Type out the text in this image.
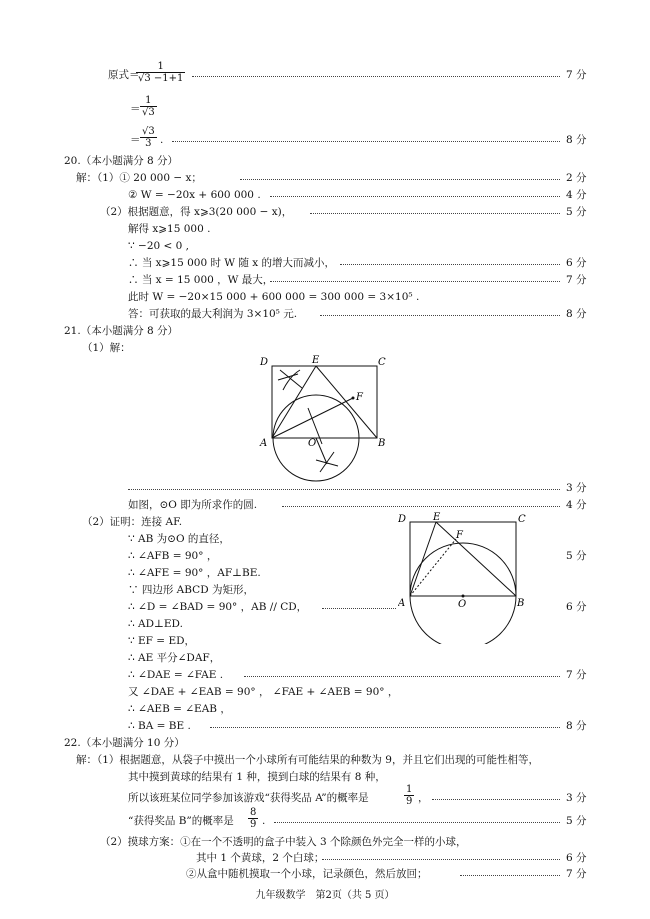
原式＝
$\frac{1}{√3 -1+1}$	7 分
＝ $\frac{1}{√3}$
＝ $\frac{√3}{3}$ .	8 分
20.（本小题满分 8 分）
解：（1）① 20 000 − x；	2 分
② W = −20x + 600 000 .	4 分
（2）根据题意，得 x⩾3(20 000 − x)，	5 分
解得 x⩾15 000 .
∵ −20 < 0 ,
∴ 当 x⩾15 000 时 W 随 x 的增大而减小，	6 分
∴ 当 x = 15 000 ，W 最大，	7 分
此时 W = −20×15 000 + 600 000 = 300 000 = 3×10⁵ .
答：可获取的最大利润为 3×10⁵ 元.	8 分
21.（本小题满分 8 分）
（1）解：
D	E	C
F
A	O	B
3 分
如图，⊙O 即为所求作的圆.	4 分
（2）证明：连接 AF.
∵ AB 为⊙O 的直径，
∴ ∠AFB = 90° ，	5 分
∴ ∠AFE = 90° ，AF⊥BE.
∵ 四边形 ABCD 为矩形，
∴ ∠D = ∠BAD = 90° ，AB // CD，	6 分
∴ AD⊥ED.
∵ EF = ED，
∴ AE 平分∠DAF，
∴ ∠DAE = ∠FAE .	7 分
又 ∠DAE + ∠EAB = 90° ， ∠FAE + ∠AEB = 90° ，
∴ ∠AEB = ∠EAB ，
∴ BA = BE .	8 分
D	E	C
F
A	O	B
22.（本小题满分 10 分）
解：（1）根据题意，从袋子中摸出一个小球所有可能结果的种数为 9，并且它们出现的可能性相等，
其中摸到黄球的结果有 1 种，摸到白球的结果有 8 种，
所以该班某位同学参加该游戏“获得奖品 A”的概率是	$\frac{1}{9}$ ，	3 分
“获得奖品 B”的概率是 $\frac{8}{9}$ .	5 分
（2）摸球方案：①在一个不透明的盒子中装入 3 个除颜色外完全一样的小球，
其中 1 个黄球，2 个白球；	6 分
②从盒中随机摸取一个小球，记录颜色，然后放回；	7 分
九年级数学　第2页（共 5 页）
